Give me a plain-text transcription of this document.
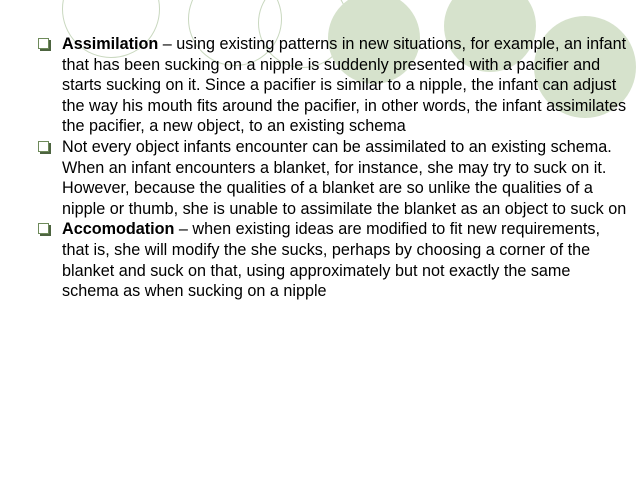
Assimilation – using existing patterns in new situations, for example, an infant that has been sucking on a nipple is suddenly presented with a pacifier and starts sucking on it. Since a pacifier is similar to a nipple, the infant can adjust the way his mouth fits around the pacifier, in other words, the infant assimilates the pacifier, a new object, to an existing schema

Not every object infants encounter can be assimilated to an existing schema. When an infant encounters a blanket, for instance, she may try to suck on it. However, because the qualities of a blanket are so unlike the qualities of a nipple or thumb, she is unable to assimilate the blanket as an object to suck on

Accomodation – when existing ideas are modified to fit new requirements, that is, she will modify the she sucks, perhaps by choosing a corner of the blanket and suck on that, using approximately but not exactly the same schema as when sucking on a nipple
